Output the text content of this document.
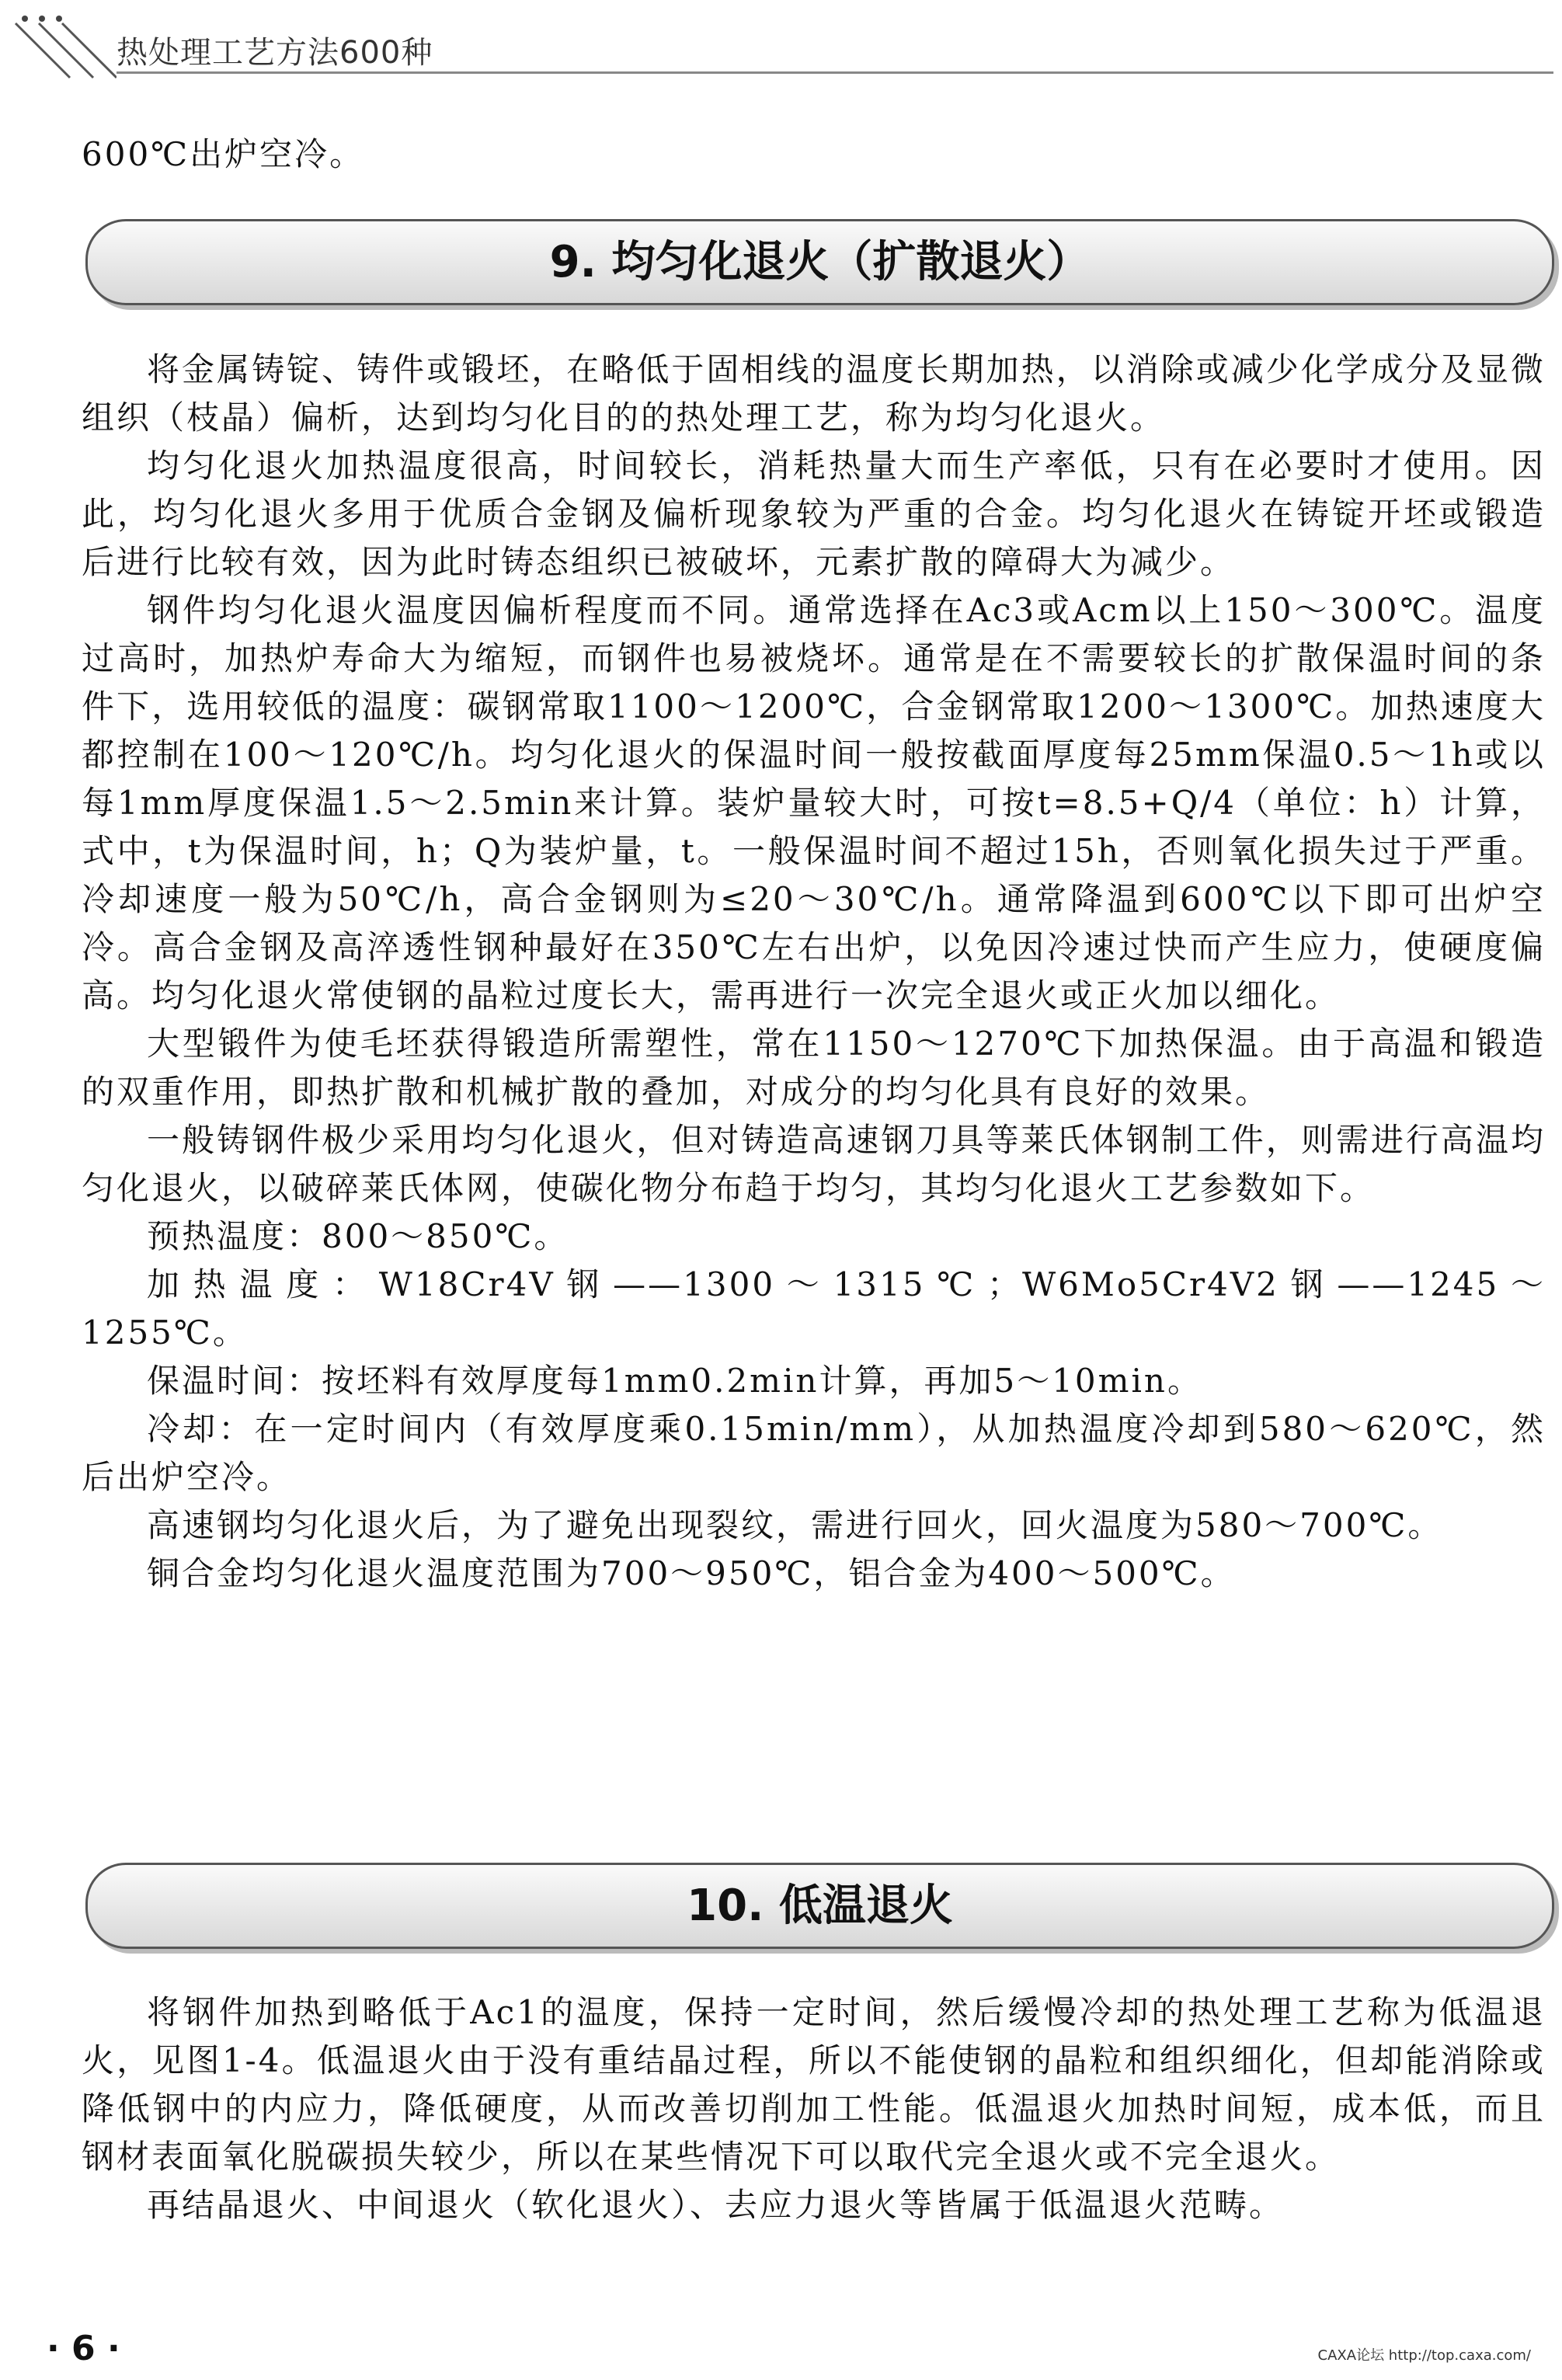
热处理工艺方法600种

600℃出炉空冷。

9. 均匀化退火（扩散退火）

将金属铸锭、铸件或锻坯，在略低于固相线的温度长期加热，以消除或减少化学成分及显微组织（枝晶）偏析，达到均匀化目的的热处理工艺，称为均匀化退火。

均匀化退火加热温度很高，时间较长，消耗热量大而生产率低，只有在必要时才使用。因此，均匀化退火多用于优质合金钢及偏析现象较为严重的合金。均匀化退火在铸锭开坯或锻造后进行比较有效，因为此时铸态组织已被破坏，元素扩散的障碍大为减少。

钢件均匀化退火温度因偏析程度而不同。通常选择在Ac3或Acm以上150～300℃。温度过高时，加热炉寿命大为缩短，而钢件也易被烧坏。通常是在不需要较长的扩散保温时间的条件下，选用较低的温度：碳钢常取1100～1200℃，合金钢常取1200～1300℃。加热速度大都控制在100～120℃/h。均匀化退火的保温时间一般按截面厚度每25mm保温0.5～1h或以每1mm厚度保温1.5～2.5min来计算。装炉量较大时，可按t=8.5+Q/4（单位：h）计算，式中，t为保温时间，h；Q为装炉量，t。一般保温时间不超过15h，否则氧化损失过于严重。冷却速度一般为50℃/h，高合金钢则为≤20～30℃/h。通常降温到600℃以下即可出炉空冷。高合金钢及高淬透性钢种最好在350℃左右出炉，以免因冷速过快而产生应力，使硬度偏高。均匀化退火常使钢的晶粒过度长大，需再进行一次完全退火或正火加以细化。

大型锻件为使毛坯获得锻造所需塑性，常在1150～1270℃下加热保温。由于高温和锻造的双重作用，即热扩散和机械扩散的叠加，对成分的均匀化具有良好的效果。

一般铸钢件极少采用均匀化退火，但对铸造高速钢刀具等莱氏体钢制工件，则需进行高温均匀化退火，以破碎莱氏体网，使碳化物分布趋于均匀，其均匀化退火工艺参数如下。

预热温度：800～850℃。

加热温度：W18Cr4V钢——1300～1315℃；W6Mo5Cr4V2钢——1245～1255℃。

保温时间：按坯料有效厚度每1mm0.2min计算，再加5～10min。

冷却：在一定时间内（有效厚度乘0.15min/mm），从加热温度冷却到580～620℃，然后出炉空冷。

高速钢均匀化退火后，为了避免出现裂纹，需进行回火，回火温度为580～700℃。

铜合金均匀化退火温度范围为700～950℃，铝合金为400～500℃。

10. 低温退火

将钢件加热到略低于Ac1的温度，保持一定时间，然后缓慢冷却的热处理工艺称为低温退火，见图1-4。低温退火由于没有重结晶过程，所以不能使钢的晶粒和组织细化，但却能消除或降低钢中的内应力，降低硬度，从而改善切削加工性能。低温退火加热时间短，成本低，而且钢材表面氧化脱碳损失较少，所以在某些情况下可以取代完全退火或不完全退火。

再结晶退火、中间退火（软化退火）、去应力退火等皆属于低温退火范畴。

· 6 ·	CAXA论坛 http://top.caxa.com/
